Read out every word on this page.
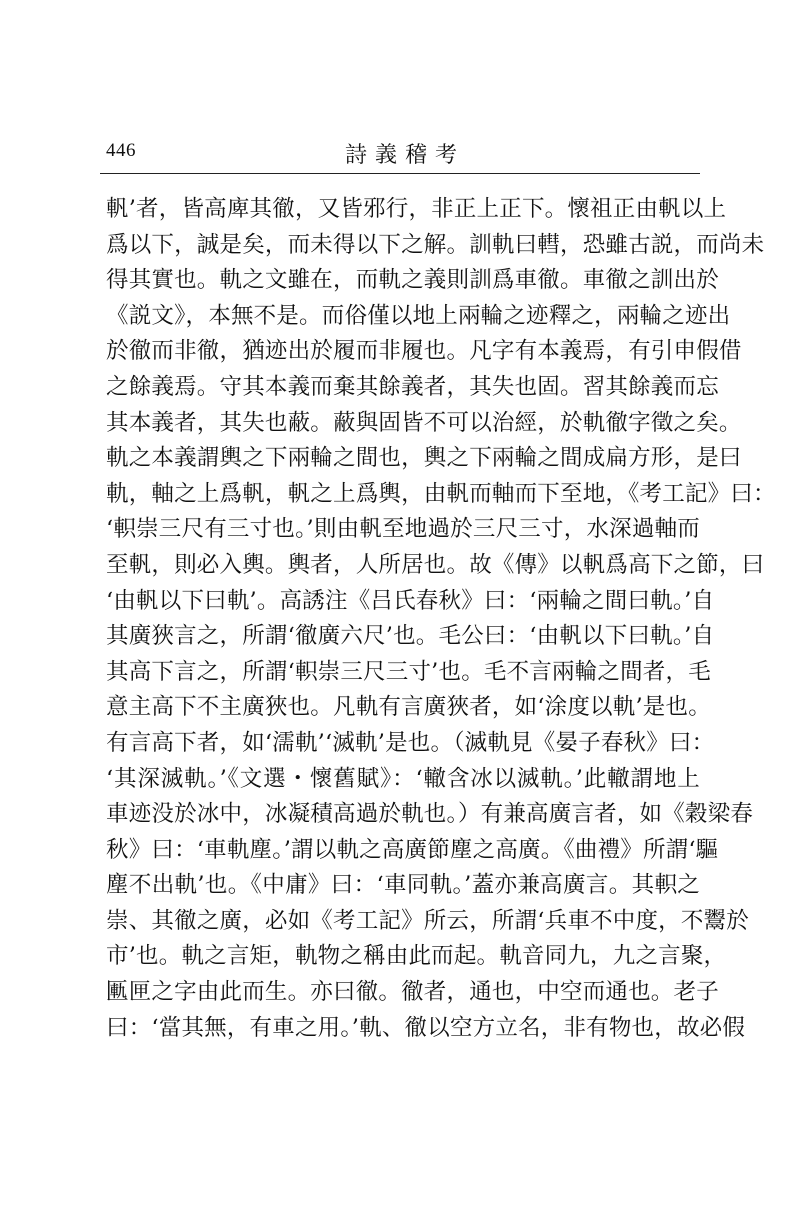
446	詩義稽考
軓’者，皆高庳其徹，又皆邪行，非正上正下。懷祖正由軓以上
爲以下，誠是矣，而未得以下之解。訓軌曰轊，恐雖古説，而尚未
得其實也。軌之文雖在，而軌之義則訓爲車徹。車徹之訓出於
《説文》，本無不是。而俗僅以地上兩輪之迹釋之，兩輪之迹出
於徹而非徹，猶迹出於履而非履也。凡字有本義焉，有引申假借
之餘義焉。守其本義而棄其餘義者，其失也固。習其餘義而忘
其本義者，其失也蔽。蔽與固皆不可以治經，於軌徹字徵之矣。
軌之本義謂輿之下兩輪之間也，輿之下兩輪之間成扁方形，是曰
軌，軸之上爲軓，軓之上爲輿，由軓而軸而下至地，《考工記》曰：
‘軹崇三尺有三寸也。’則由軓至地過於三尺三寸，水深過軸而
至軓，則必入輿。輿者，人所居也。故《傳》以軓爲高下之節，曰
‘由軓以下曰軌’。高誘注《吕氏春秋》曰：‘兩輪之間曰軌。’自
其廣狹言之，所謂‘徹廣六尺’也。毛公曰：‘由軓以下曰軌。’自
其高下言之，所謂‘軹崇三尺三寸’也。毛不言兩輪之間者，毛
意主高下不主廣狹也。凡軌有言廣狹者，如‘涂度以軌’是也。
有言高下者，如‘濡軌’‘滅軌’是也。（滅軌見《晏子春秋》曰：
‘其深滅軌。’《文選・懷舊賦》：‘轍含冰以滅軌。’此轍謂地上
車迹没於冰中，冰凝積高過於軌也。）有兼高廣言者，如《穀梁春
秋》曰：‘車軌塵。’謂以軌之高廣節塵之高廣。《曲禮》所謂‘驅
塵不出軌’也。《中庸》曰：‘車同軌。’蓋亦兼高廣言。其軹之
崇、其徹之廣，必如《考工記》所云，所謂‘兵車不中度，不鬻於
市’也。軌之言矩，軌物之稱由此而起。軌音同九，九之言聚，
匭匣之字由此而生。亦曰徹。徹者，通也，中空而通也。老子
曰：‘當其無，有車之用。’軌、徹以空方立名，非有物也，故必假
